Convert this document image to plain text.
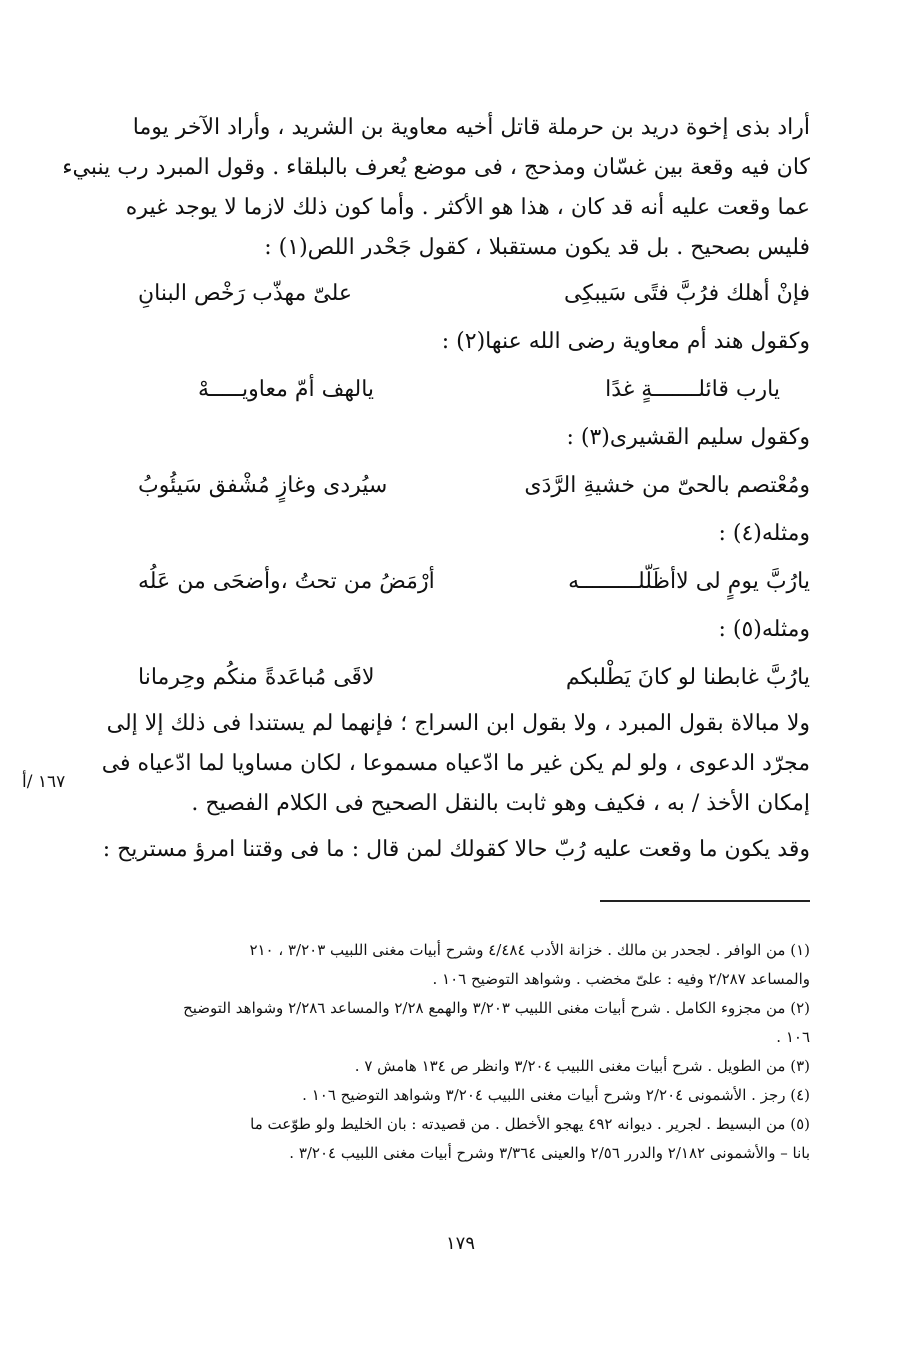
أراد بذى إخوة دريد بن حرملة قاتل أخيه معاوية بن الشريد ، وأراد الآخر يوما
كان فيه وقعة بين غسّان ومذحج ، فى موضع يُعرف بالبلقاء . وقول المبرد رب ينبيء
عما وقعت عليه أنه قد كان ، هذا هو الأكثر . وأما كون ذلك لازما لا يوجد غيره
فليس بصحيح . بل قد يكون مستقبلا ، كقول جَحْدر اللص(١) :
فإنْ أهلك فرُبَّ فتًى سَيبكِى
علىّ مهذّب رَخْص البنانِ
وكقول هند أم معاوية رضى الله عنها(٢) :
يارب قائلـــــــةٍ غدًا
يالهف أمّ معاويـــــهْ
وكقول سليم القشيرى(٣) :
ومُعْتصم بالحىّ من خشيةِ الرَّدَى
سيُردى وغازٍ مُشْفق سَيئُوبُ
ومثله(٤) :
يارُبَّ يومٍ لى لاأظَلّلـــــــــه
أرْمَضُ من تحتُ ،وأضحَى من عَلُه
ومثله(٥) :
يارُبَّ غابطنا لو كانَ يَطْلبكم
لاقَى مُباعَدةً منكُم وحِرمانا
ولا مبالاة بقول المبرد ، ولا بقول ابن السراج ؛ فإنهما لم يستندا فى ذلك إلا إلى
مجرّد الدعوى ، ولو لم يكن غير ما ادّعياه مسموعا ، لكان مساويا لما ادّعياه فى
إمكان الأخذ / به ، فكيف وهو ثابت بالنقل الصحيح فى الكلام الفصيح .
وقد يكون ما وقعت عليه رُبّ حالا كقولك لمن قال : ما فى وقتنا امرؤ مستريح :
١٦٧ /أ
(١) من الوافر . لجحدر بن مالك . خزانة الأدب ٤/٤٨٤ وشرح أبيات مغنى اللبيب ٣/٢٠٣ ، ٢١٠
والمساعد ٢/٢٨٧ وفيه : علىّ مخضب . وشواهد التوضيح ١٠٦ .
(٢) من مجزوء الكامل . شرح أبيات مغنى اللبيب ٣/٢٠٣ والهمع ٢/٢٨ والمساعد ٢/٢٨٦ وشواهد التوضيح
١٠٦ .
(٣) من الطويل . شرح أبيات مغنى اللبيب ٣/٢٠٤ وانظر ص ١٣٤ هامش ٧ .
(٤) رجز . الأشمونى ٢/٢٠٤ وشرح أبيات مغنى اللبيب ٣/٢٠٤ وشواهد التوضيح ١٠٦ .
(٥) من البسيط . لجرير . ديوانه ٤٩٢ يهجو الأخطل . من قصيدته : بان الخليط ولو طوّعت ما
بانا – والأشمونى ٢/١٨٢ والدرر ٢/٥٦ والعينى ٣/٣٦٤ وشرح أبيات مغنى اللبيب ٣/٢٠٤ .
١٧٩
